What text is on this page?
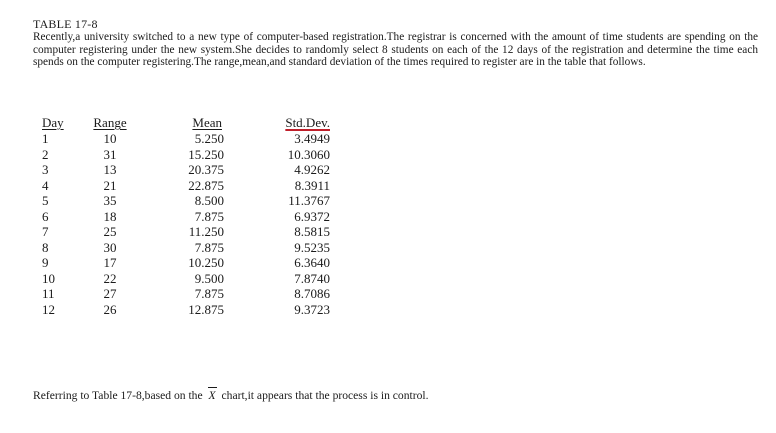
TABLE 17-8
Recently,a university switched to a new type of computer-based registration.The registrar is concerned with the amount of time students are spending on the computer registering under the new system.She decides to randomly select 8 students on each of the 12 days of the registration and determine the time each spends on the computer registering.The range,mean,and standard deviation of the times required to register are in the table that follows.
Day	Range	Mean	Std.Dev.
1	10	5.250	3.4949
2	31	15.250	10.3060
3	13	20.375	4.9262
4	21	22.875	8.3911
5	35	8.500	11.3767
6	18	7.875	6.9372
7	25	11.250	8.5815
8	30	7.875	9.5235
9	17	10.250	6.3640
10	22	9.500	7.8740
11	27	7.875	8.7086
12	26	12.875	9.3723
Referring to Table 17-8,based on the X chart,it appears that the process is in control.
